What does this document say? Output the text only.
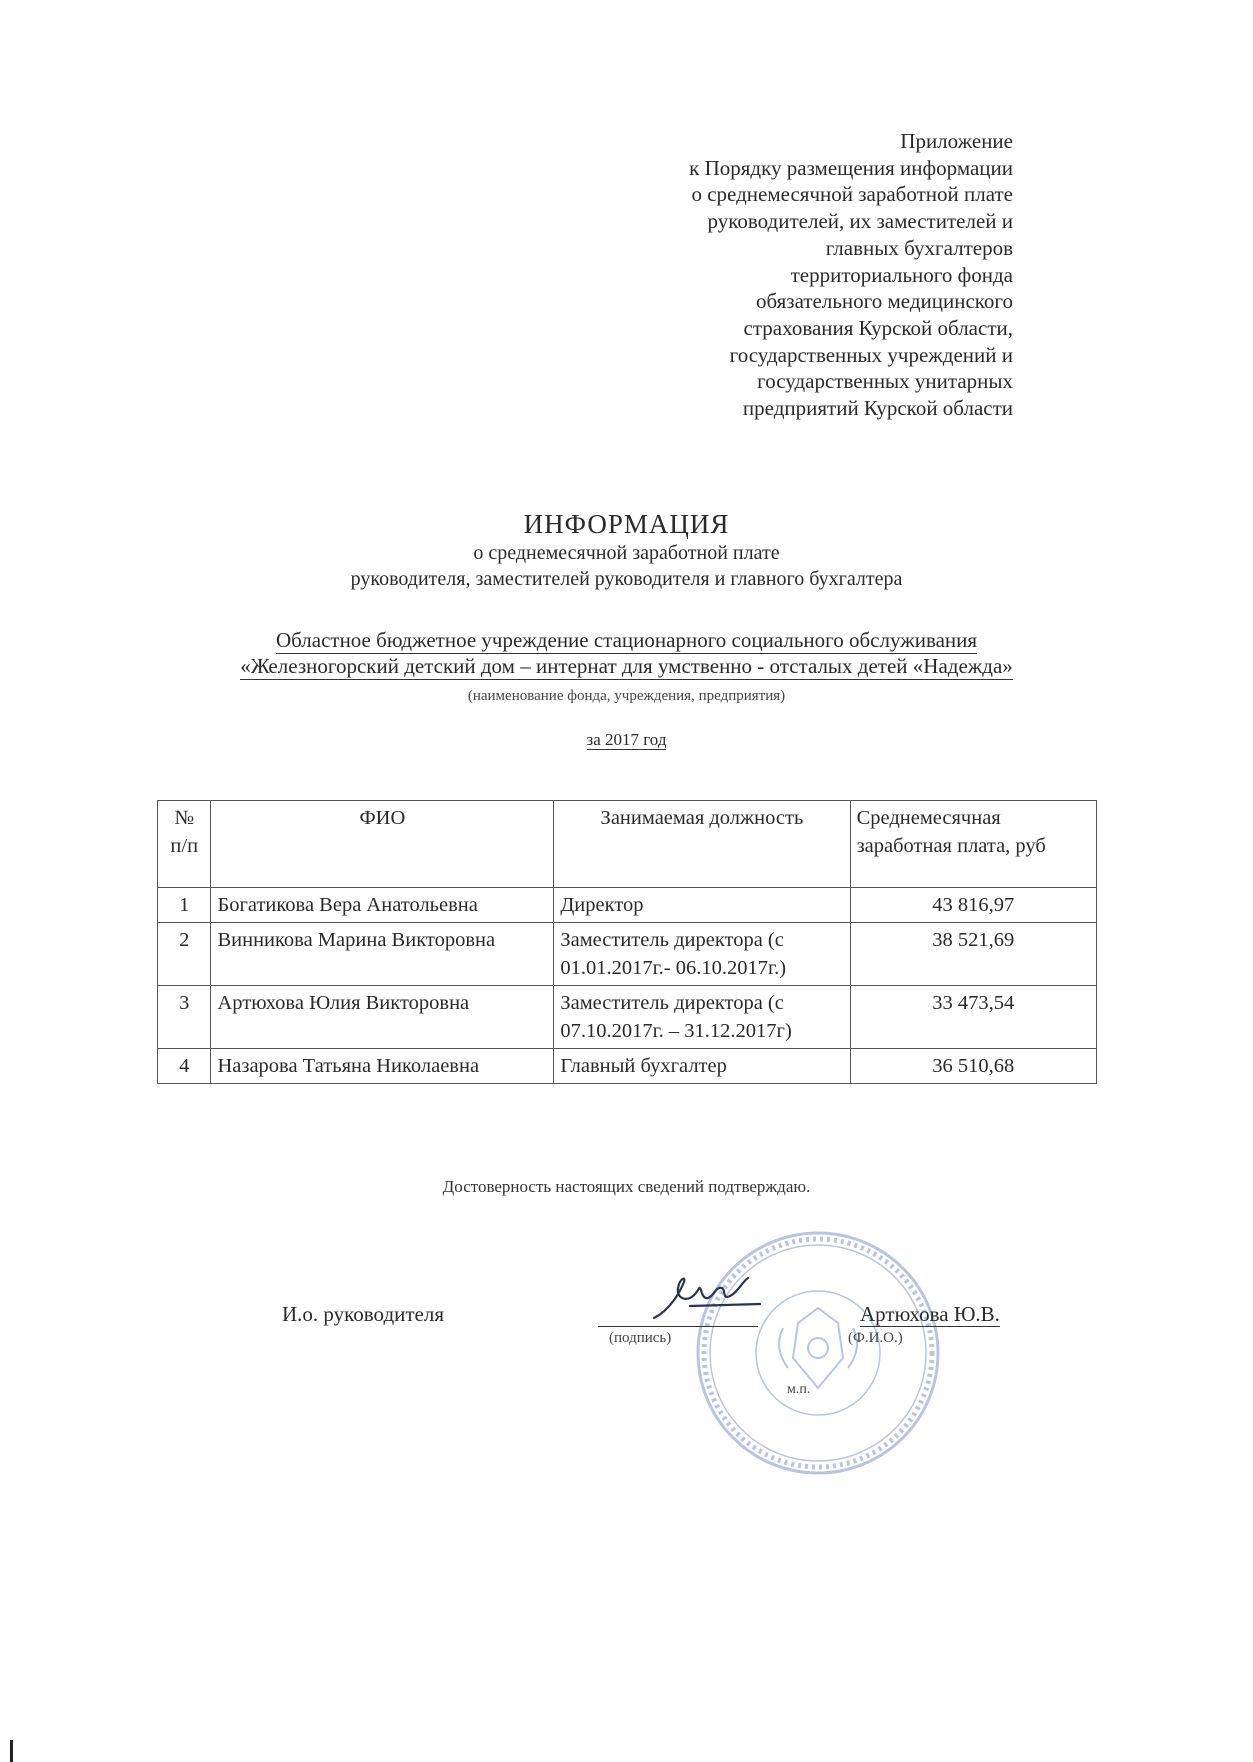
Приложение
к Порядку размещения информации
о среднемесячной заработной плате
руководителей, их заместителей и
главных бухгалтеров
территориального фонда
обязательного медицинского
страхования Курской области,
государственных учреждений и
государственных унитарных
предприятий Курской области
ИНФОРМАЦИЯ
о среднемесячной заработной плате
руководителя, заместителей руководителя и главного бухгалтера
Областное бюджетное учреждение стационарного социального обслуживания
«Железногорский детский дом – интернат для умственно - отсталых детей «Надежда»
(наименование фонда, учреждения, предприятия)
за 2017 год
№ п/п	ФИО	Занимаемая должность	Среднемесячная заработная плата, руб
1	Богатикова Вера Анатольевна	Директор	43 816,97
2	Винникова Марина Викторовна	Заместитель директора (с 01.01.2017г.- 06.10.2017г.)	38 521,69
3	Артюхова Юлия Викторовна	Заместитель директора (с 07.10.2017г. – 31.12.2017г)	33 473,54
4	Назарова Татьяна Николаевна	Главный бухгалтер	36 510,68
Достоверность настоящих сведений подтверждаю.
И.о. руководителя	Артюхова Ю.В.
(подпись)	(Ф.И.О.)
м.п.
